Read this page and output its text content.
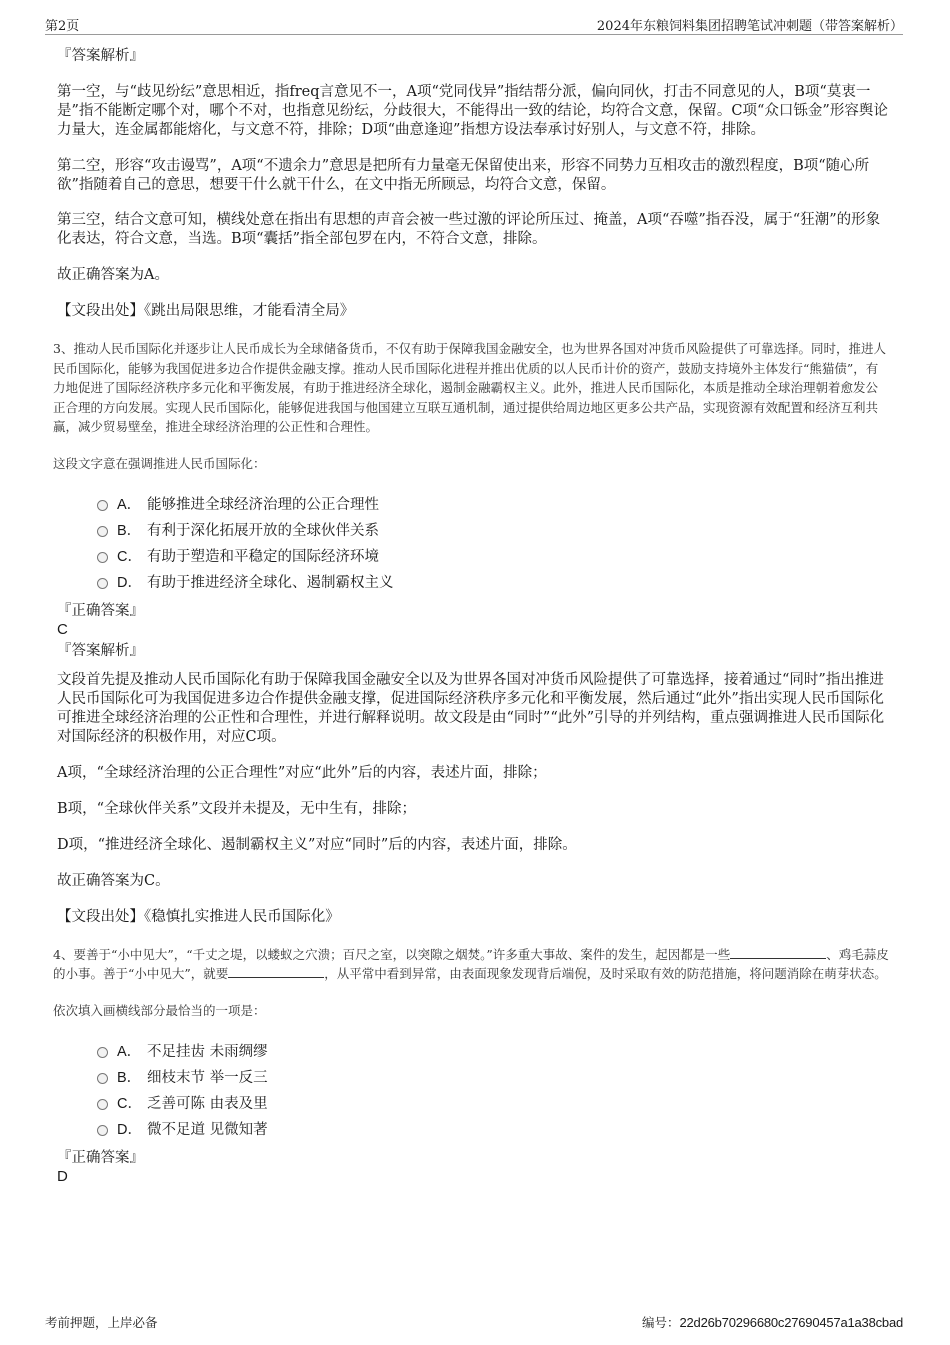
第2页	2024年东粮饲料集团招聘笔试冲刺题（带答案解析）
『答案解析』

第一空，与“歧见纷纭”意思相近，指freq言意见不一，A项“党同伐异”指结帮分派，偏向同伙，打击不同意见的人，B项“莫衷一是”指不能断定哪个对，哪个不对，也指意见纷纭，分歧很大，不能得出一致的结论，均符合文意，保留。C项“众口铄金”形容舆论力量大，连金属都能熔化，与文意不符，排除；D项“曲意逢迎”指想方设法奉承讨好别人，与文意不符，排除。

第二空，形容“攻击谩骂”，A项“不遗余力”意思是把所有力量毫无保留使出来，形容不同势力互相攻击的激烈程度，B项“随心所欲”指随着自己的意思，想要干什么就干什么，在文中指无所顾忌，均符合文意，保留。

第三空，结合文意可知，横线处意在指出有思想的声音会被一些过激的评论所压过、掩盖，A项“吞噬”指吞没，属于“狂潮”的形象化表达，符合文意，当选。B项“囊括”指全部包罗在内，不符合文意，排除。

故正确答案为A。

【文段出处】《跳出局限思维，才能看清全局》

3、推动人民币国际化并逐步让人民币成长为全球储备货币，不仅有助于保障我国金融安全，也为世界各国对冲货币风险提供了可靠选择。同时，推进人民币国际化，能够为我国促进多边合作提供金融支撑。推动人民币国际化进程并推出优质的以人民币计价的资产，鼓励支持境外主体发行“熊猫债”，有力地促进了国际经济秩序多元化和平衡发展，有助于推进经济全球化，遏制金融霸权主义。此外，推进人民币国际化，本质是推动全球治理朝着愈发公正合理的方向发展。实现人民币国际化，能够促进我国与他国建立互联互通机制，通过提供给周边地区更多公共产品，实现资源有效配置和经济互利共赢，减少贸易壁垒，推进全球经济治理的公正性和合理性。

这段文字意在强调推进人民币国际化：
A． 能够推进全球经济治理的公正合理性
B． 有利于深化拓展开放的全球伙伴关系
C． 有助于塑造和平稳定的国际经济环境
D． 有助于推进经济全球化、遏制霸权主义
『正确答案』
C
『答案解析』

文段首先提及推动人民币国际化有助于保障我国金融安全以及为世界各国对冲货币风险提供了可靠选择，接着通过“同时”指出推进人民币国际化可为我国促进多边合作提供金融支撑，促进国际经济秩序多元化和平衡发展，然后通过“此外”指出实现人民币国际化可推进全球经济治理的公正性和合理性，并进行解释说明。故文段是由“同时”“此外”引导的并列结构，重点强调推进人民币国际化对国际经济的积极作用，对应C项。

A项，“全球经济治理的公正合理性”对应“此外”后的内容，表述片面，排除；

B项，“全球伙伴关系”文段并未提及，无中生有，排除；

D项，“推进经济全球化、遏制霸权主义”对应“同时”后的内容，表述片面，排除。

故正确答案为C。

【文段出处】《稳慎扎实推进人民币国际化》

4、要善于“小中见大”，“千丈之堤，以蝼蚁之穴溃；百尺之室，以突隙之烟焚。”许多重大事故、案件的发生，起因都是一些	、鸡毛蒜皮的小事。善于“小中见大”，就要	，从平常中看到异常，由表面现象发现背后端倪，及时采取有效的防范措施，将问题消除在萌芽状态。

依次填入画横线部分最恰当的一项是：
A． 不足挂齿 未雨绸缪
B． 细枝末节 举一反三
C． 乏善可陈 由表及里
D． 微不足道 见微知著
『正确答案』
D
考前押题，上岸必备	编号：22d26b70296680c27690457a1a38cbad
